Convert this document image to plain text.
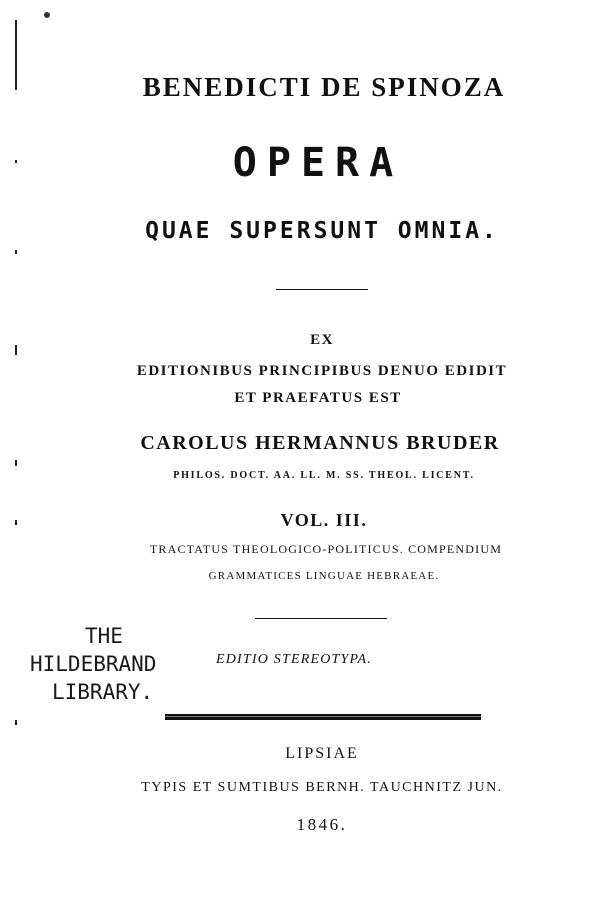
BENEDICTI DE SPINOZA
OPERA
QUAE SUPERSUNT OMNIA.
EX
EDITIONIBUS PRINCIPIBUS DENUO EDIDIT
ET PRAEFATUS EST
CAROLUS HERMANNUS BRUDER
PHILOS. DOCT. AA. LL. M. SS. THEOL. LICENT.
VOL. III.
TRACTATUS THEOLOGICO-POLITICUS. COMPENDIUM
GRAMMATICES LINGUAE HEBRAEAE.
THE
HILDEBRAND
LIBRARY.
EDITIO STEREOTYPA.
LIPSIAE
TYPIS ET SUMTIBUS BERNH. TAUCHNITZ JUN.
1846.
